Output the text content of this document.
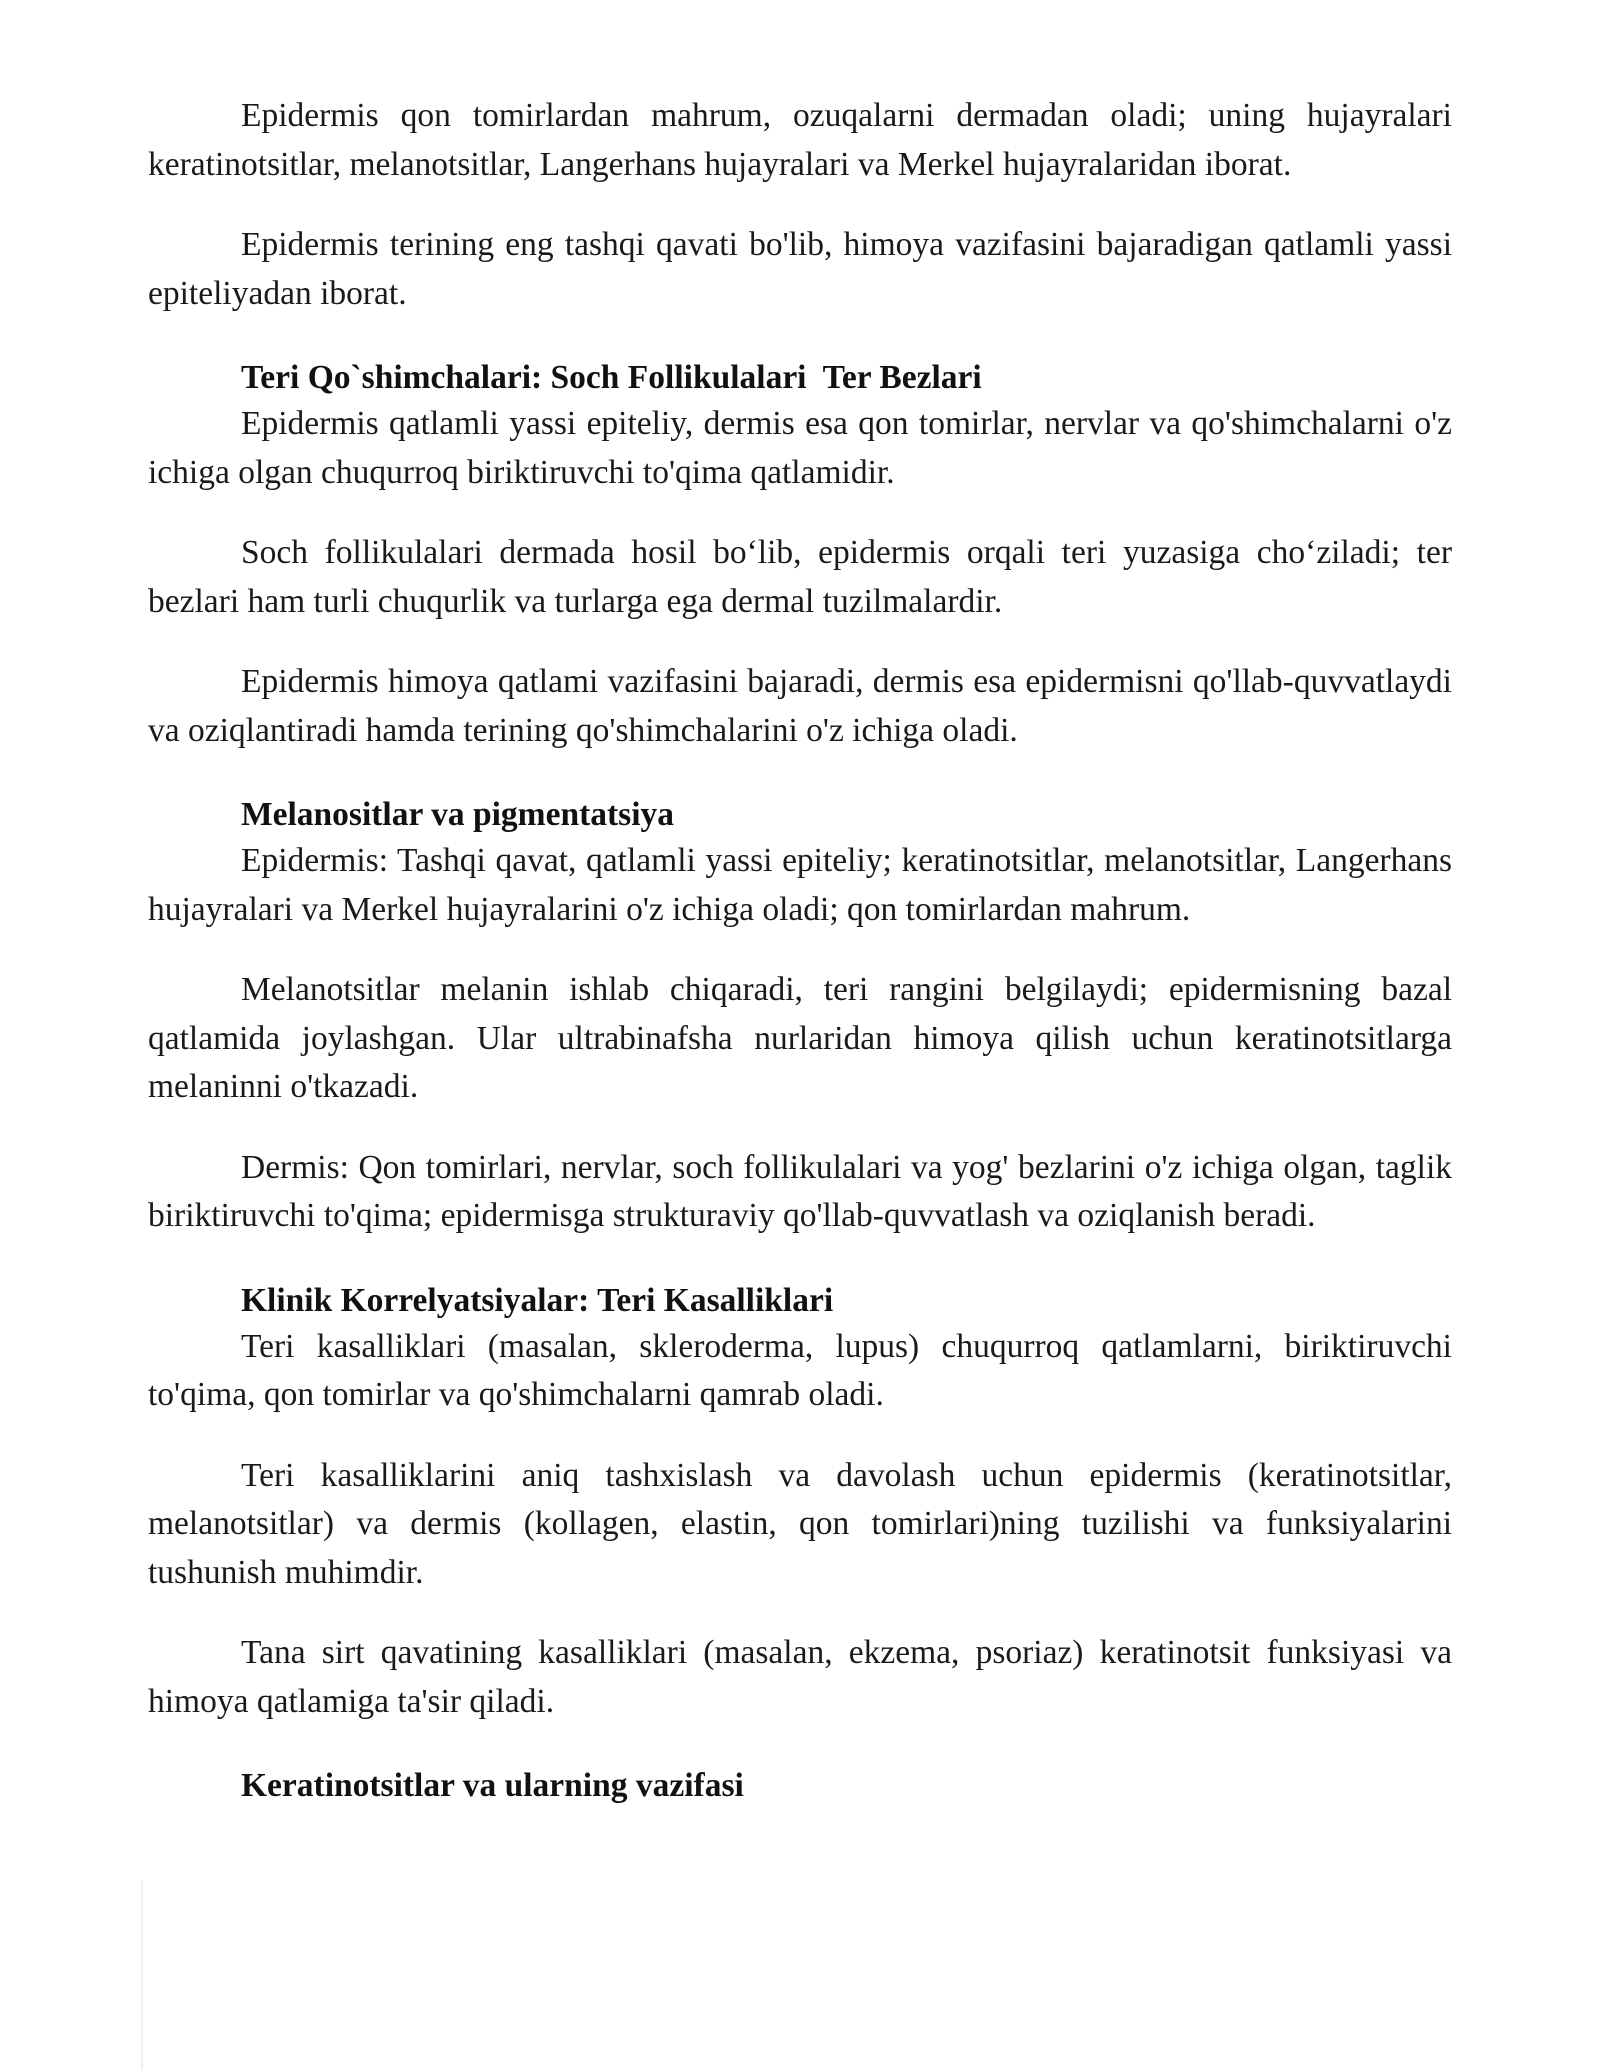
Epidermis qon tomirlardan mahrum, ozuqalarni dermadan oladi; uning hujayralari keratinotsitlar, melanotsitlar, Langerhans hujayralari va Merkel hujayralaridan iborat.

Epidermis terining eng tashqi qavati bo'lib, himoya vazifasini bajaradigan qatlamli yassi epiteliyadan iborat.

Teri Qo`shimchalari: Soch Follikulalari  Ter Bezlari

Epidermis qatlamli yassi epiteliy, dermis esa qon tomirlar, nervlar va qo'shimchalarni o'z ichiga olgan chuqurroq biriktiruvchi to'qima qatlamidir.

Soch follikulalari dermada hosil bo‘lib, epidermis orqali teri yuzasiga cho‘ziladi; ter bezlari ham turli chuqurlik va turlarga ega dermal tuzilmalardir.

Epidermis himoya qatlami vazifasini bajaradi, dermis esa epidermisni qo'llab-quvvatlaydi va oziqlantiradi hamda terining qo'shimchalarini o'z ichiga oladi.

Melanositlar va pigmentatsiya

Epidermis: Tashqi qavat, qatlamli yassi epiteliy; keratinotsitlar, melanotsitlar, Langerhans hujayralari va Merkel hujayralarini o'z ichiga oladi; qon tomirlardan mahrum.

Melanotsitlar melanin ishlab chiqaradi, teri rangini belgilaydi; epidermisning bazal qatlamida joylashgan. Ular ultrabinafsha nurlaridan himoya qilish uchun keratinotsitlarga melaninni o'tkazadi.

Dermis: Qon tomirlari, nervlar, soch follikulalari va yog' bezlarini o'z ichiga olgan, taglik biriktiruvchi to'qima; epidermisga strukturaviy qo'llab-quvvatlash va oziqlanish beradi.

Klinik Korrelyatsiyalar: Teri Kasalliklari

Teri kasalliklari (masalan, skleroderma, lupus) chuqurroq qatlamlarni, biriktiruvchi to'qima, qon tomirlar va qo'shimchalarni qamrab oladi.

Teri kasalliklarini aniq tashxislash va davolash uchun epidermis (keratinotsitlar, melanotsitlar) va dermis (kollagen, elastin, qon tomirlari)ning tuzilishi va funksiyalarini tushunish muhimdir.

Tana sirt qavatining kasalliklari (masalan, ekzema, psoriaz) keratinotsit funksiyasi va himoya qatlamiga ta'sir qiladi.

Keratinotsitlar va ularning vazifasi
